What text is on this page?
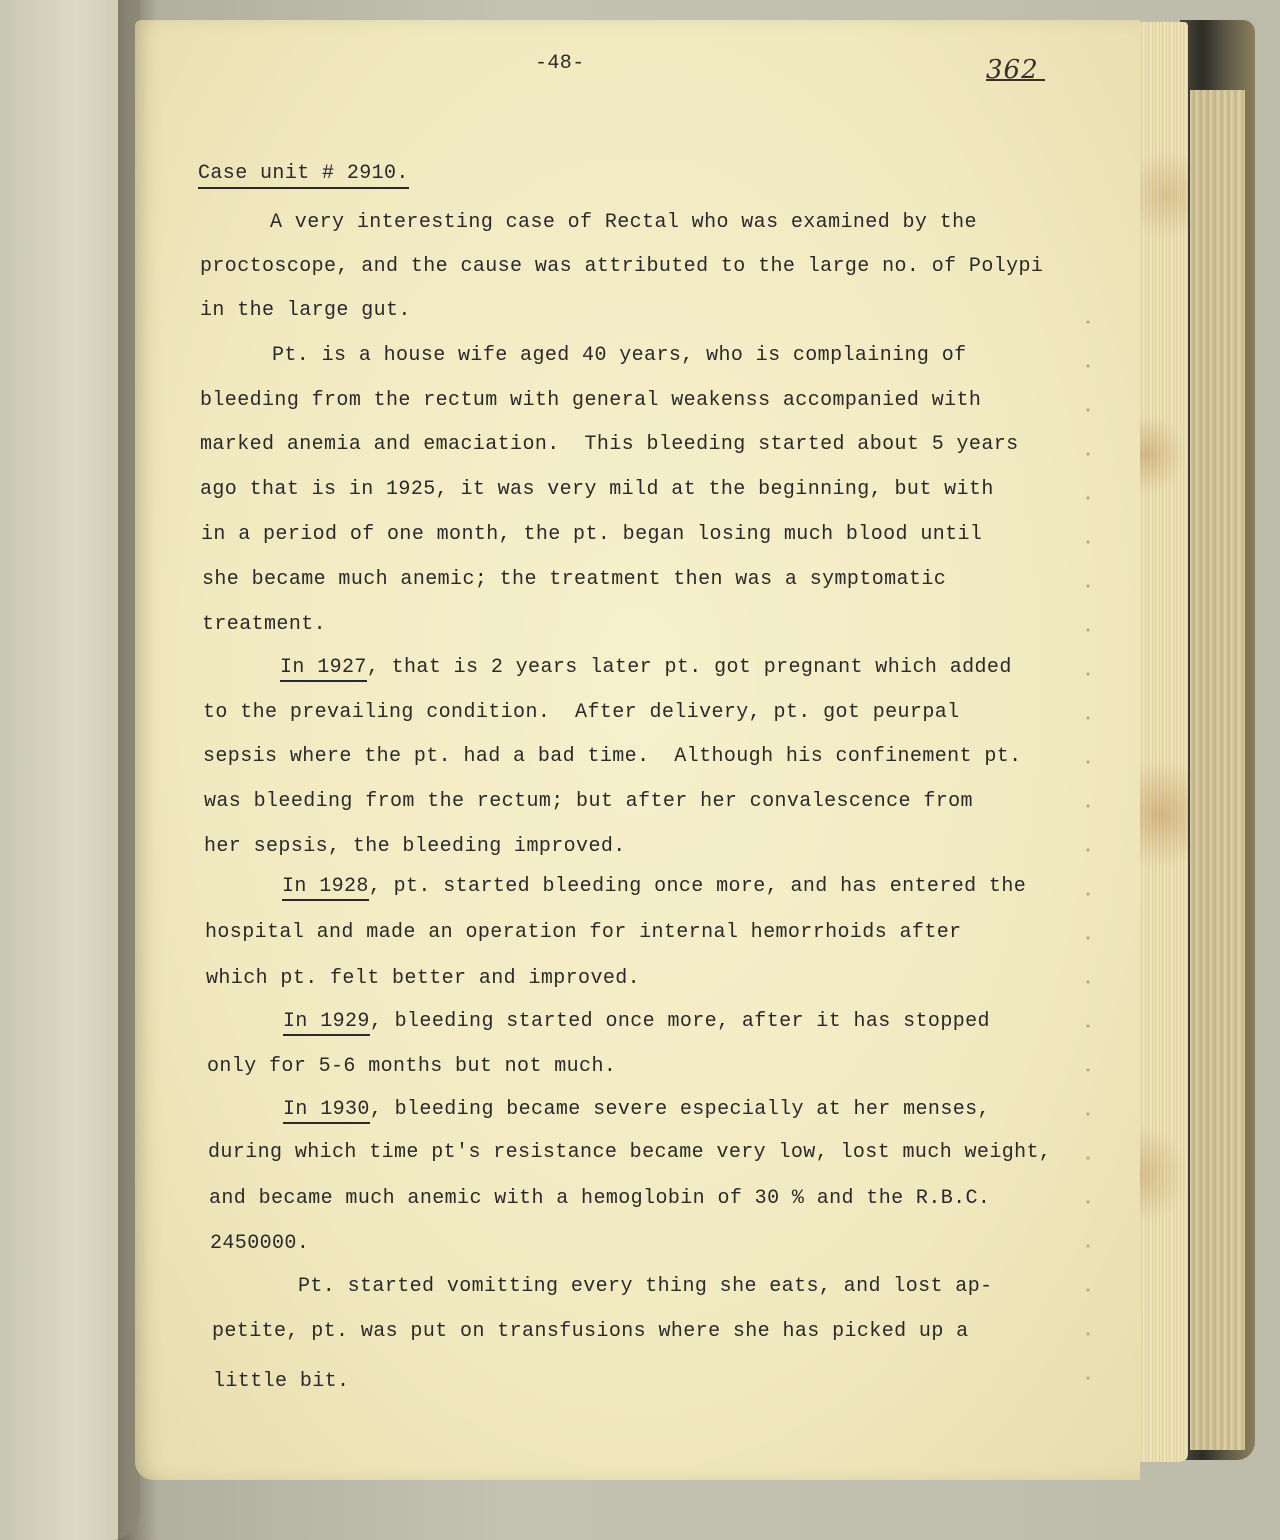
-48-	362
Case unit # 2910.
A very interesting case of Rectal who was examined by the
proctoscope, and the cause was attributed to the large no. of Polypi
in the large gut.
Pt. is a house wife aged 40 years, who is complaining of
bleeding from the rectum with general weakenss accompanied with
marked anemia and emaciation.  This bleeding started about 5 years
ago that is in 1925, it was very mild at the beginning, but with
in a period of one month, the pt. began losing much blood until
she became much anemic; the treatment then was a symptomatic
treatment.
In 1927, that is 2 years later pt. got pregnant which added
to the prevailing condition.  After delivery, pt. got peurpal
sepsis where the pt. had a bad time.  Although his confinement pt.
was bleeding from the rectum; but after her convalescence from
her sepsis, the bleeding improved.
In 1928, pt. started bleeding once more, and has entered the
hospital and made an operation for internal hemorrhoids after
which pt. felt better and improved.
In 1929, bleeding started once more, after it has stopped
only for 5-6 months but not much.
In 1930, bleeding became severe especially at her menses,
during which time pt's resistance became very low, lost much weight,
and became much anemic with a hemoglobin of 30 % and the R.B.C.
2450000.
Pt. started vomitting every thing she eats, and lost ap-
petite, pt. was put on transfusions where she has picked up a
little bit.
